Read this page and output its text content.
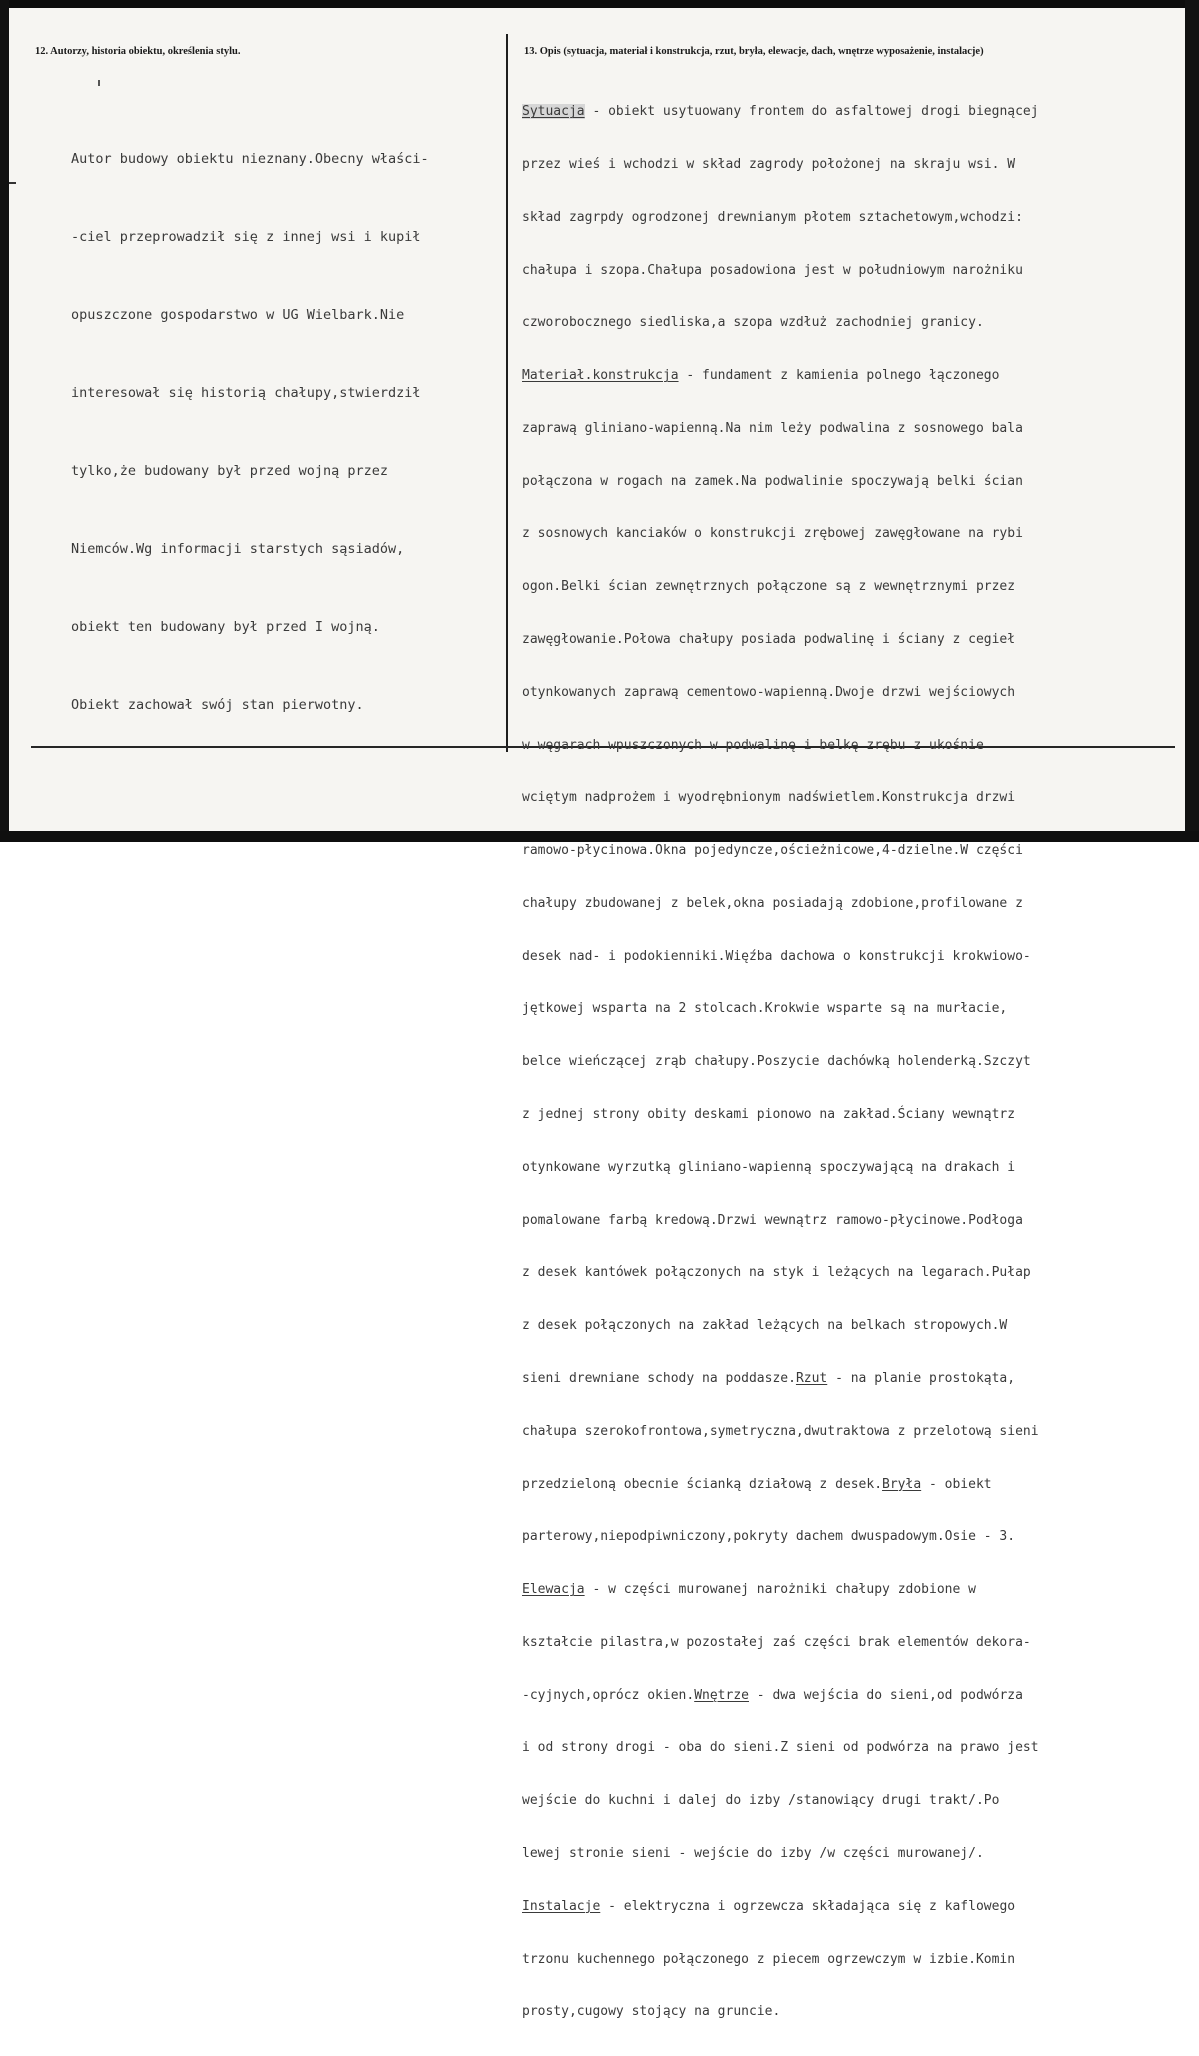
12. Autorzy, historia obiektu, określenia stylu.	13. Opis (sytuacja, materiał i konstrukcja, rzut, bryła, elewacje, dach, wnętrze wyposażenie, instalacje)

Autor budowy obiektu nieznany.Obecny właści-

-ciel przeprowadził się z innej wsi i kupił

opuszczone gospodarstwo w UG Wielbark.Nie

interesował się historią chałupy,stwierdził

tylko,że budowany był przed wojną przez

Niemców.Wg informacji starstych sąsiadów,

obiekt ten budowany był przed I wojną.

Obiekt zachował swój stan pierwotny.

Sytuacja - obiekt usytuowany frontem do asfaltowej drogi biegnącej

przez wieś i wchodzi w skład zagrody położonej na skraju wsi. W

skład zagrpdy ogrodzonej drewnianym płotem sztachetowym,wchodzi:

chałupa i szopa.Chałupa posadowiona jest w południowym narożniku

czworobocznego siedliska,a szopa wzdłuż zachodniej granicy.

Materiał.konstrukcja - fundament z kamienia polnego łączonego

zaprawą gliniano-wapienną.Na nim leży podwalina z sosnowego bala

połączona w rogach na zamek.Na podwalinie spoczywają belki ścian

z sosnowych kanciaków o konstrukcji zrębowej zawęgłowane na rybi

ogon.Belki ścian zewnętrznych połączone są z wewnętrznymi przez

zawęgłowanie.Połowa chałupy posiada podwalinę i ściany z cegieł

otynkowanych zaprawą cementowo-wapienną.Dwoje drzwi wejściowych

w węgarach wpuszczonych w podwalinę i belkę zrębu z ukośnie

wciętym nadprożem i wyodrębnionym nadświetlem.Konstrukcja drzwi

ramowo-płycinowa.Okna pojedyncze,ościeżnicowe,4-dzielne.W części

chałupy zbudowanej z belek,okna posiadają zdobione,profilowane z

desek nad- i podokienniki.Więźba dachowa o konstrukcji krokwiowo-

jętkowej wsparta na 2 stolcach.Krokwie wsparte są na murłacie,

belce wieńczącej zrąb chałupy.Poszycie dachówką holenderką.Szczyt

z jednej strony obity deskami pionowo na zakład.Ściany wewnątrz

otynkowane wyrzutką gliniano-wapienną spoczywającą na drakach i

pomalowane farbą kredową.Drzwi wewnątrz ramowo-płycinowe.Podłoga

z desek kantówek połączonych na styk i leżących na legarach.Pułap

z desek połączonych na zakład leżących na belkach stropowych.W

sieni drewniane schody na poddasze.Rzut - na planie prostokąta,

chałupa szerokofrontowa,symetryczna,dwutraktowa z przelotową sieni

przedzieloną obecnie ścianką działową z desek.Bryła - obiekt

parterowy,niepodpiwniczony,pokryty dachem dwuspadowym.Osie - 3.

Elewacja - w części murowanej narożniki chałupy zdobione w

kształcie pilastra,w pozostałej zaś części brak elementów dekora-

-cyjnych,oprócz okien.Wnętrze - dwa wejścia do sieni,od podwórza

i od strony drogi - oba do sieni.Z sieni od podwórza na prawo jest

wejście do kuchni i dalej do izby /stanowiący drugi trakt/.Po

lewej stronie sieni - wejście do izby /w części murowanej/.

Instalacje - elektryczna i ogrzewcza składająca się z kaflowego

trzonu kuchennego połączonego z piecem ogrzewczym w izbie.Komin

prosty,cugowy stojący na gruncie.
